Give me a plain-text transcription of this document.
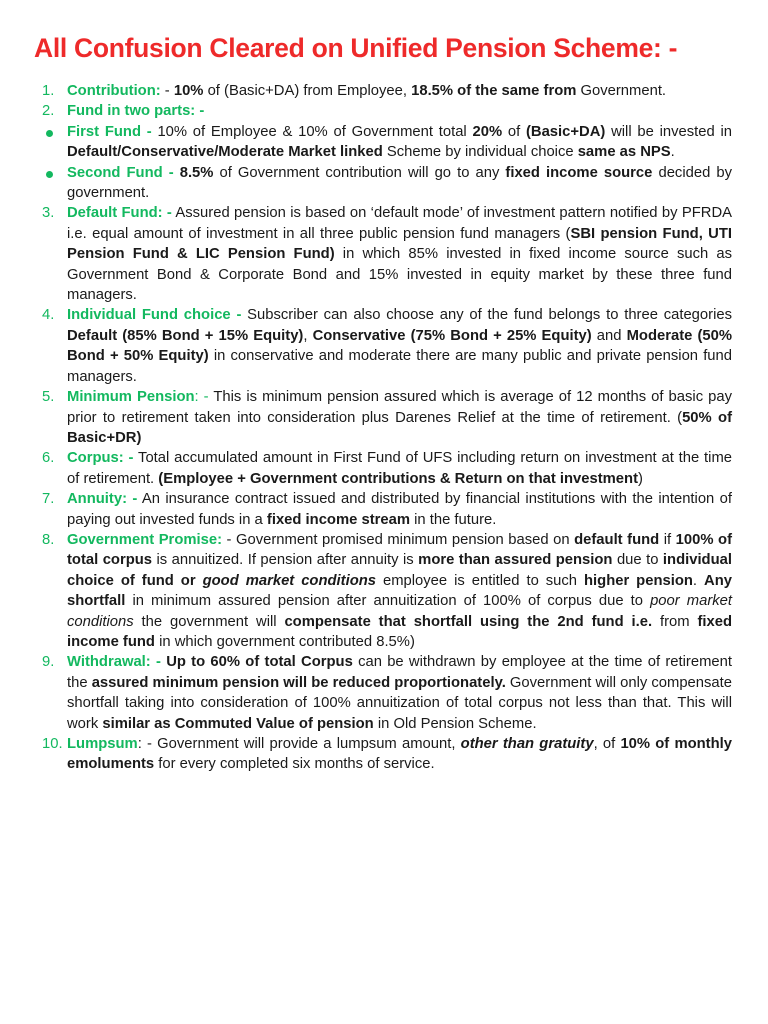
All Confusion Cleared on Unified Pension Scheme: -
1. Contribution: - 10% of (Basic+DA) from Employee, 18.5% of the same from Government.
2. Fund in two parts: -
First Fund - 10% of Employee & 10% of Government total 20% of (Basic+DA) will be invested in Default/Conservative/Moderate Market linked Scheme by individual choice same as NPS.
Second Fund - 8.5% of Government contribution will go to any fixed income source decided by government.
3. Default Fund: - Assured pension is based on ‘default mode’ of investment pattern notified by PFRDA i.e. equal amount of investment in all three public pension fund managers (SBI pension Fund, UTI Pension Fund & LIC Pension Fund) in which 85% invested in fixed income source such as Government Bond & Corporate Bond and 15% invested in equity market by these three fund managers.
4. Individual Fund choice - Subscriber can also choose any of the fund belongs to three categories Default (85% Bond + 15% Equity), Conservative (75% Bond + 25% Equity) and Moderate (50% Bond + 50% Equity) in conservative and moderate there are many public and private pension fund managers.
5. Minimum Pension: - This is minimum pension assured which is average of 12 months of basic pay prior to retirement taken into consideration plus Darenes Relief at the time of retirement. (50% of Basic+DR)
6. Corpus: - Total accumulated amount in First Fund of UFS including return on investment at the time of retirement. (Employee + Government contributions & Return on that investment)
7. Annuity: - An insurance contract issued and distributed by financial institutions with the intention of paying out invested funds in a fixed income stream in the future.
8. Government Promise: - Government promised minimum pension based on default fund if 100% of total corpus is annuitized. If pension after annuity is more than assured pension due to individual choice of fund or good market conditions employee is entitled to such higher pension. Any shortfall in minimum assured pension after annuitization of 100% of corpus due to poor market conditions the government will compensate that shortfall using the 2nd fund i.e. from fixed income fund in which government contributed 8.5%)
9. Withdrawal: - Up to 60% of total Corpus can be withdrawn by employee at the time of retirement the assured minimum pension will be reduced proportionately. Government will only compensate shortfall taking into consideration of 100% annuitization of total corpus not less than that. This will work similar as Commuted Value of pension in Old Pension Scheme.
10. Lumpsum: - Government will provide a lumpsum amount, other than gratuity, of 10% of monthly emoluments for every completed six months of service.
